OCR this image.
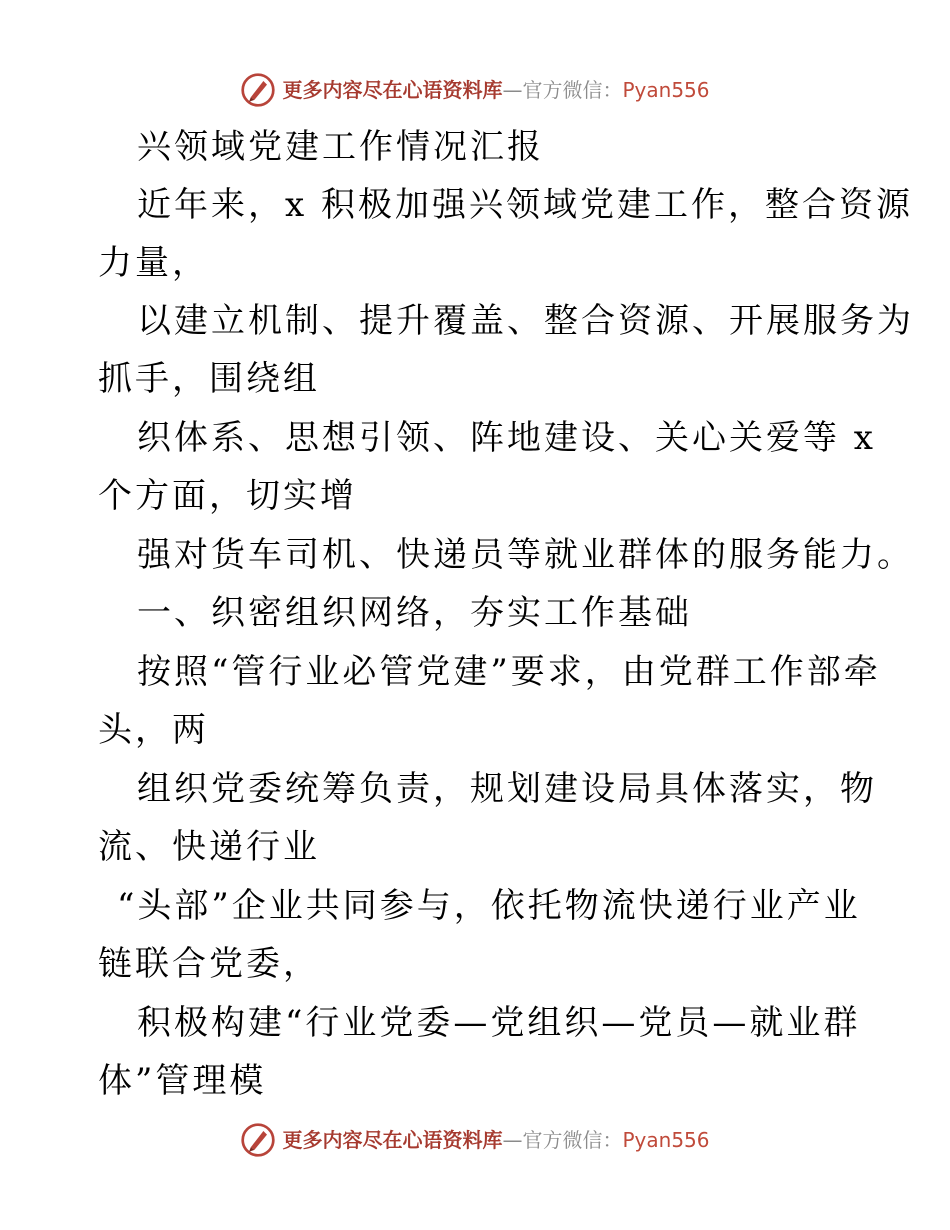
更多内容尽在心语资料库—官方微信：Pyan556
兴领域党建工作情况汇报
近年来，x 积极加强兴领域党建工作，整合资源
力量，
以建立机制、提升覆盖、整合资源、开展服务为
抓手，围绕组
织体系、思想引领、阵地建设、关心关爱等 x
个方面，切实增
强对货车司机、快递员等就业群体的服务能力。
一、织密组织网络，夯实工作基础
按照“管行业必管党建”要求，由党群工作部牵
头，两
组织党委统筹负责，规划建设局具体落实，物
流、快递行业
“头部”企业共同参与，依托物流快递行业产业
链联合党委，
积极构建“行业党委—党组织—党员—就业群
体”管理模
更多内容尽在心语资料库—官方微信：Pyan556
